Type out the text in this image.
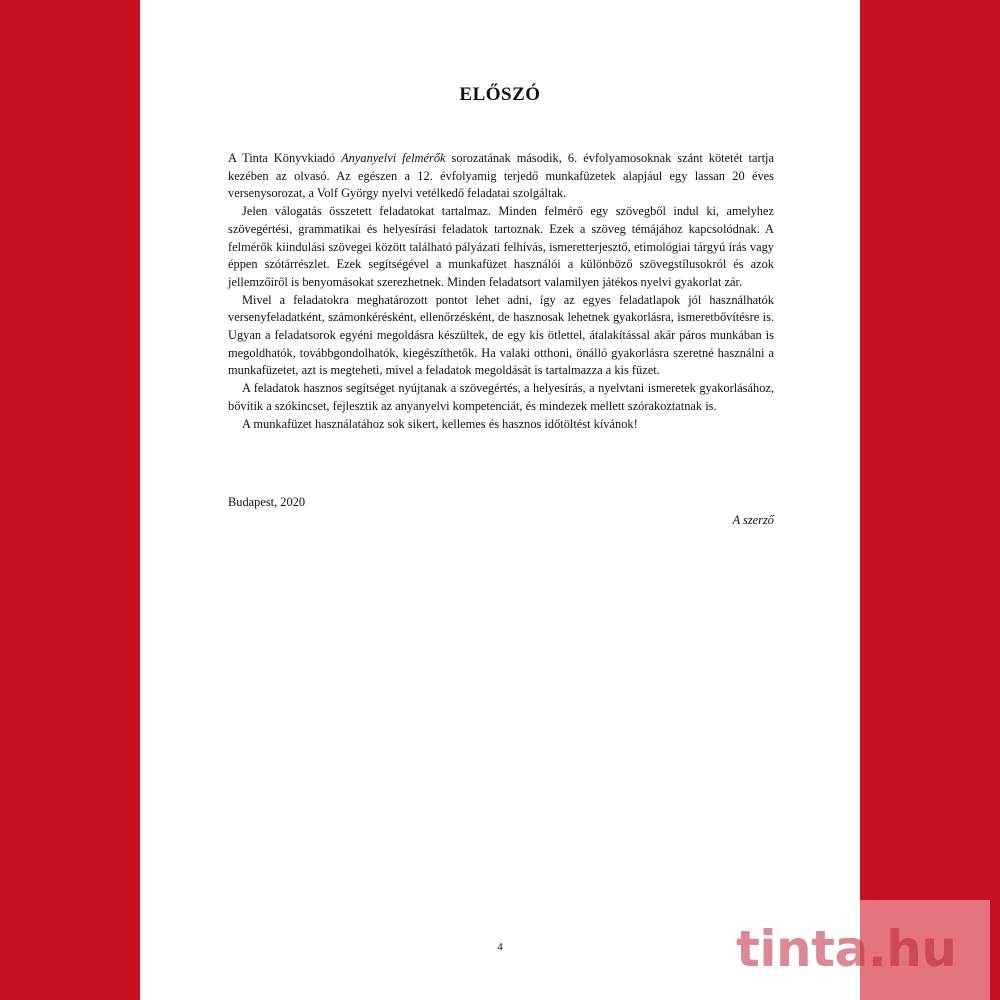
ELŐSZÓ

A Tinta Könyvkiadó Anyanyelvi felmérők sorozatának második, 6. évfolyamosoknak szánt kötetét tartja kezében az olvasó. Az egészen a 12. évfolyamig terjedő munkafüzetek alapjául egy lassan 20 éves versenysorozat, a Volf György nyelvi vetélkedő feladatai szolgáltak.

Jelen válogatás összetett feladatokat tartalmaz. Minden felmérő egy szövegből indul ki, amelyhez szövegértési, grammatikai és helyesírási feladatok tartoznak. Ezek a szöveg témájához kapcsolódnak. A felmérők kiindulási szövegei között található pályázati felhívás, ismeretterjesztő, etimológiai tárgyú írás vagy éppen szótárrészlet. Ezek segítségével a munkafüzet használói a különböző szövegstílusokról és azok jellemzőiről is benyomásokat szerezhetnek. Minden feladatsort valamilyen játékos nyelvi gyakorlat zár.

Mivel a feladatokra meghatározott pontot lehet adni, így az egyes feladatlapok jól használhatók versenyfeladatként, számonkérésként, ellenőrzésként, de hasznosak lehetnek gyakorlásra, ismeretbővítésre is. Ugyan a feladatsorok egyéni megoldásra készültek, de egy kis ötlettel, átalakítással akár páros munkában is megoldhatók, továbbgondolhatók, kiegészíthetők. Ha valaki otthoni, önálló gyakorlásra szeretné használni a munkafüzetet, azt is megteheti, mivel a feladatok megoldását is tartalmazza a kis füzet.

A feladatok hasznos segítséget nyújtanak a szövegértés, a helyesírás, a nyelvtani ismeretek gyakorlásához, bővítik a szókincset, fejlesztik az anyanyelvi kompetenciát, és mindezek mellett szórakoztatnak is.

A munkafüzet használatához sok sikert, kellemes és hasznos időtöltést kívánok!

Budapest, 2020
A szerző
4	tinta.hu
